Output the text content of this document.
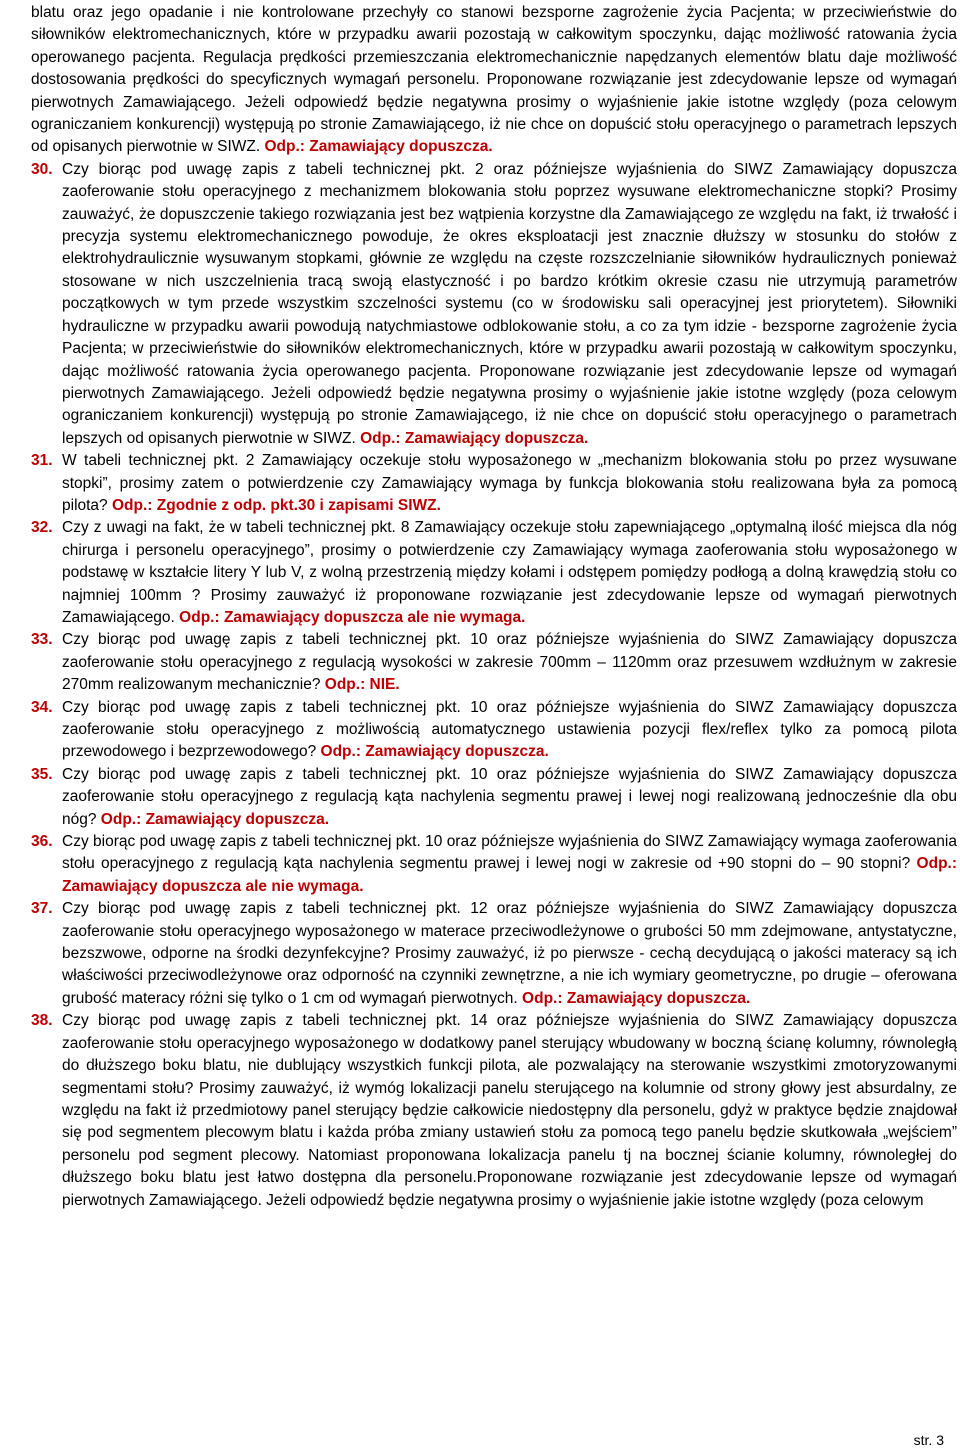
blatu oraz jego opadanie i nie kontrolowane przechyły co stanowi bezsporne zagrożenie życia Pacjenta; w przeciwieństwie do siłowników elektromechanicznych, które w przypadku awarii pozostają w całkowitym spoczynku, dając możliwość ratowania życia operowanego pacjenta. Regulacja prędkości przemieszczania elektromechanicznie napędzanych elementów blatu daje możliwość dostosowania prędkości do specyficznych wymagań personelu. Proponowane rozwiązanie jest zdecydowanie lepsze od wymagań pierwotnych Zamawiającego. Jeżeli odpowiedź będzie negatywna prosimy o wyjaśnienie jakie istotne względy (poza celowym ograniczaniem konkurencji) występują po stronie Zamawiającego, iż nie chce on dopuścić stołu operacyjnego o parametrach lepszych od opisanych pierwotnie w SIWZ. Odp.: Zamawiający dopuszcza.

30. Czy biorąc pod uwagę zapis z tabeli technicznej pkt. 2 oraz późniejsze wyjaśnienia do SIWZ Zamawiający dopuszcza zaoferowanie stołu operacyjnego z mechanizmem blokowania stołu poprzez wysuwane elektromechaniczne stopki? Prosimy zauważyć, że dopuszczenie takiego rozwiązania jest bez wątpienia korzystne dla Zamawiającego ze względu na fakt, iż trwałość i precyzja systemu elektromechanicznego powoduje, że okres eksploatacji jest znacznie dłuższy w stosunku do stołów z elektrohydraulicznie wysuwanym stopkami, głównie ze względu na częste rozszczelnianie siłowników hydraulicznych ponieważ stosowane w nich uszczelnienia tracą swoją elastyczność i po bardzo krótkim okresie czasu nie utrzymują parametrów początkowych w tym przede wszystkim szczelności systemu (co w środowisku sali operacyjnej jest priorytetem). Siłowniki hydrauliczne w przypadku awarii powodują natychmiastowe odblokowanie stołu, a co za tym idzie - bezsporne zagrożenie życia Pacjenta; w przeciwieństwie do siłowników elektromechanicznych, które w przypadku awarii pozostają w całkowitym spoczynku, dając możliwość ratowania życia operowanego pacjenta. Proponowane rozwiązanie jest zdecydowanie lepsze od wymagań pierwotnych Zamawiającego. Jeżeli odpowiedź będzie negatywna prosimy o wyjaśnienie jakie istotne względy (poza celowym ograniczaniem konkurencji) występują po stronie Zamawiającego, iż nie chce on dopuścić stołu operacyjnego o parametrach lepszych od opisanych pierwotnie w SIWZ. Odp.: Zamawiający dopuszcza.
31. W tabeli technicznej pkt. 2 Zamawiający oczekuje stołu wyposażonego w „mechanizm blokowania stołu po przez wysuwane stopki”, prosimy zatem o potwierdzenie czy Zamawiający wymaga by funkcja blokowania stołu realizowana była za pomocą pilota? Odp.: Zgodnie z odp. pkt.30 i zapisami SIWZ.
32. Czy z uwagi na fakt, że w tabeli technicznej pkt. 8 Zamawiający oczekuje stołu zapewniającego „optymalną ilość miejsca dla nóg chirurga i personelu operacyjnego”, prosimy o potwierdzenie czy Zamawiający wymaga zaoferowania stołu wyposażonego w podstawę w kształcie litery Y lub V, z wolną przestrzenią między kołami i odstępem pomiędzy podłogą a dolną krawędzią stołu co najmniej 100mm ? Prosimy zauważyć iż proponowane rozwiązanie jest zdecydowanie lepsze od wymagań pierwotnych Zamawiającego. Odp.: Zamawiający dopuszcza ale nie wymaga.
33. Czy biorąc pod uwagę zapis z tabeli technicznej pkt. 10 oraz późniejsze wyjaśnienia do SIWZ Zamawiający dopuszcza zaoferowanie stołu operacyjnego z regulacją wysokości w zakresie 700mm – 1120mm oraz przesuwem wzdłużnym w zakresie 270mm realizowanym mechanicznie? Odp.: NIE.
34. Czy biorąc pod uwagę zapis z tabeli technicznej pkt. 10 oraz późniejsze wyjaśnienia do SIWZ Zamawiający dopuszcza zaoferowanie stołu operacyjnego z możliwością automatycznego ustawienia pozycji flex/reflex tylko za pomocą pilota przewodowego i bezprzewodowego? Odp.: Zamawiający dopuszcza.
35. Czy biorąc pod uwagę zapis z tabeli technicznej pkt. 10 oraz późniejsze wyjaśnienia do SIWZ Zamawiający dopuszcza zaoferowanie stołu operacyjnego z regulacją kąta nachylenia segmentu prawej i lewej nogi realizowaną jednocześnie dla obu nóg? Odp.: Zamawiający dopuszcza.
36. Czy biorąc pod uwagę zapis z tabeli technicznej pkt. 10 oraz późniejsze wyjaśnienia do SIWZ Zamawiający wymaga zaoferowania stołu operacyjnego z regulacją kąta nachylenia segmentu prawej i lewej nogi w zakresie od +90 stopni do – 90 stopni? Odp.: Zamawiający dopuszcza ale nie wymaga.
37. Czy biorąc pod uwagę zapis z tabeli technicznej pkt. 12 oraz późniejsze wyjaśnienia do SIWZ Zamawiający dopuszcza zaoferowanie stołu operacyjnego wyposażonego w materace przeciwodleżynowe o grubości 50 mm zdejmowane, antystatyczne, bezszwowe, odporne na środki dezynfekcyjne? Prosimy zauważyć, iż po pierwsze - cechą decydującą o jakości materacy są ich właściwości przeciwodleżynowe oraz odporność na czynniki zewnętrzne, a nie ich wymiary geometryczne, po drugie – oferowana grubość materacy różni się tylko o 1 cm od wymagań pierwotnych. Odp.: Zamawiający dopuszcza.
38. Czy biorąc pod uwagę zapis z tabeli technicznej pkt. 14 oraz późniejsze wyjaśnienia do SIWZ Zamawiający dopuszcza zaoferowanie stołu operacyjnego wyposażonego w dodatkowy panel sterujący wbudowany w boczną ścianę kolumny, równoległą do dłuższego boku blatu, nie dublujący wszystkich funkcji pilota, ale pozwalający na sterowanie wszystkimi zmotoryzowanymi segmentami stołu? Prosimy zauważyć, iż wymóg lokalizacji panelu sterującego na kolumnie od strony głowy jest absurdalny, ze względu na fakt iż przedmiotowy panel sterujący będzie całkowicie niedostępny dla personelu, gdyż w praktyce będzie znajdował się pod segmentem plecowym blatu i każda próba zmiany ustawień stołu za pomocą tego panelu będzie skutkowała „wejściem” personelu pod segment plecowy. Natomiast proponowana lokalizacja panelu tj na bocznej ścianie kolumny, równoległej do dłuższego boku blatu jest łatwo dostępna dla personelu.Proponowane rozwiązanie jest zdecydowanie lepsze od wymagań pierwotnych Zamawiającego. Jeżeli odpowiedź będzie negatywna prosimy o wyjaśnienie jakie istotne względy (poza celowym
str. 3
